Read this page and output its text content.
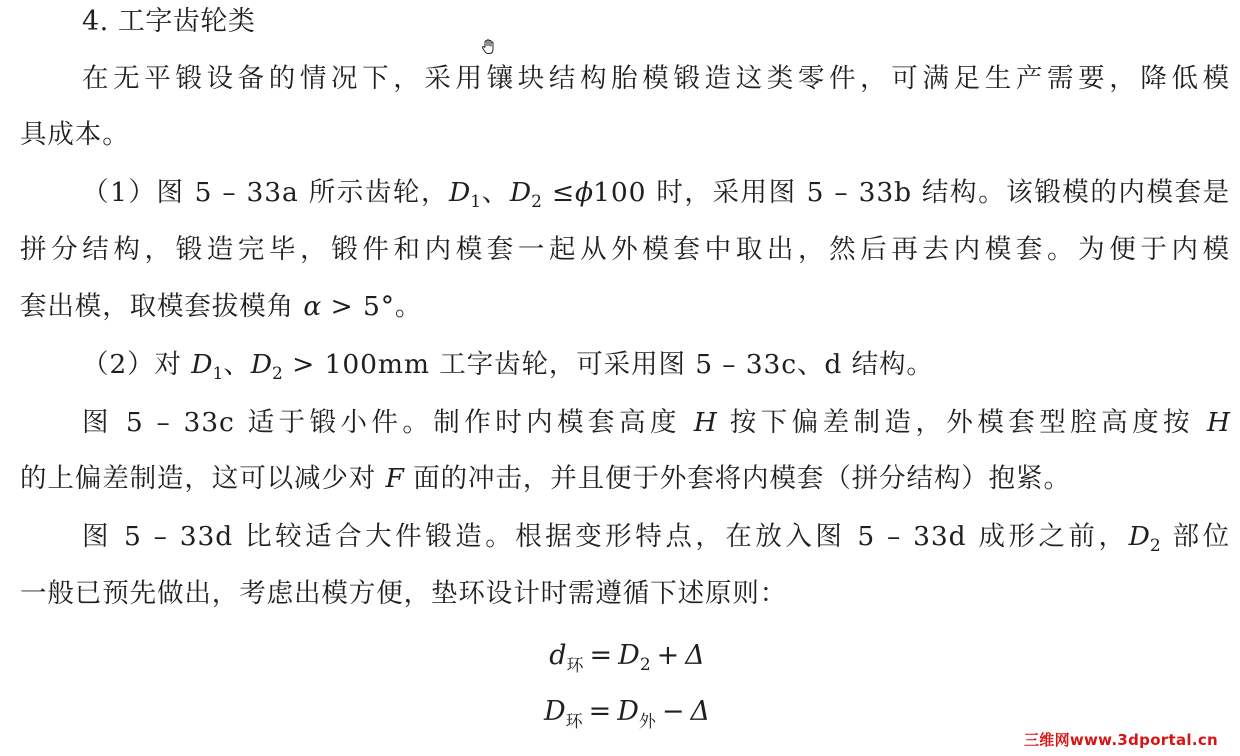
4. 工字齿轮类
在无平锻设备的情况下，采用镶块结构胎模锻造这类零件，可满足生产需要，降低模
具成本。
（1）图 5 – 33a 所示齿轮，$D_1$、$D_2 \le\phi 100$ 时，采用图 5 – 33b 结构。该锻模的内模套是
拼分结构，锻造完毕，锻件和内模套一起从外模套中取出，然后再去内模套。为便于内模
套出模，取模套拔模角 α > 5°。
（2）对 $D_1$、$D_2 > 100mm$ 工字齿轮，可采用图 5 – 33c、d 结构。
图 5 – 33c 适于锻小件。制作时内模套高度 H 按下偏差制造，外模套型腔高度按 H
的上偏差制造，这可以减少对 F 面的冲击，并且便于外套将内模套（拼分结构）抱紧。
图 5 – 33d 比较适合大件锻造。根据变形特点，在放入图 5 – 33d 成形之前，$D_2$ 部位
一般已预先做出，考虑出模方便，垫环设计时需遵循下述原则：
$d_环 = D_2 + \Delta$
$D_环 = D_外 - \Delta$
三维网www.3dportal.cn
